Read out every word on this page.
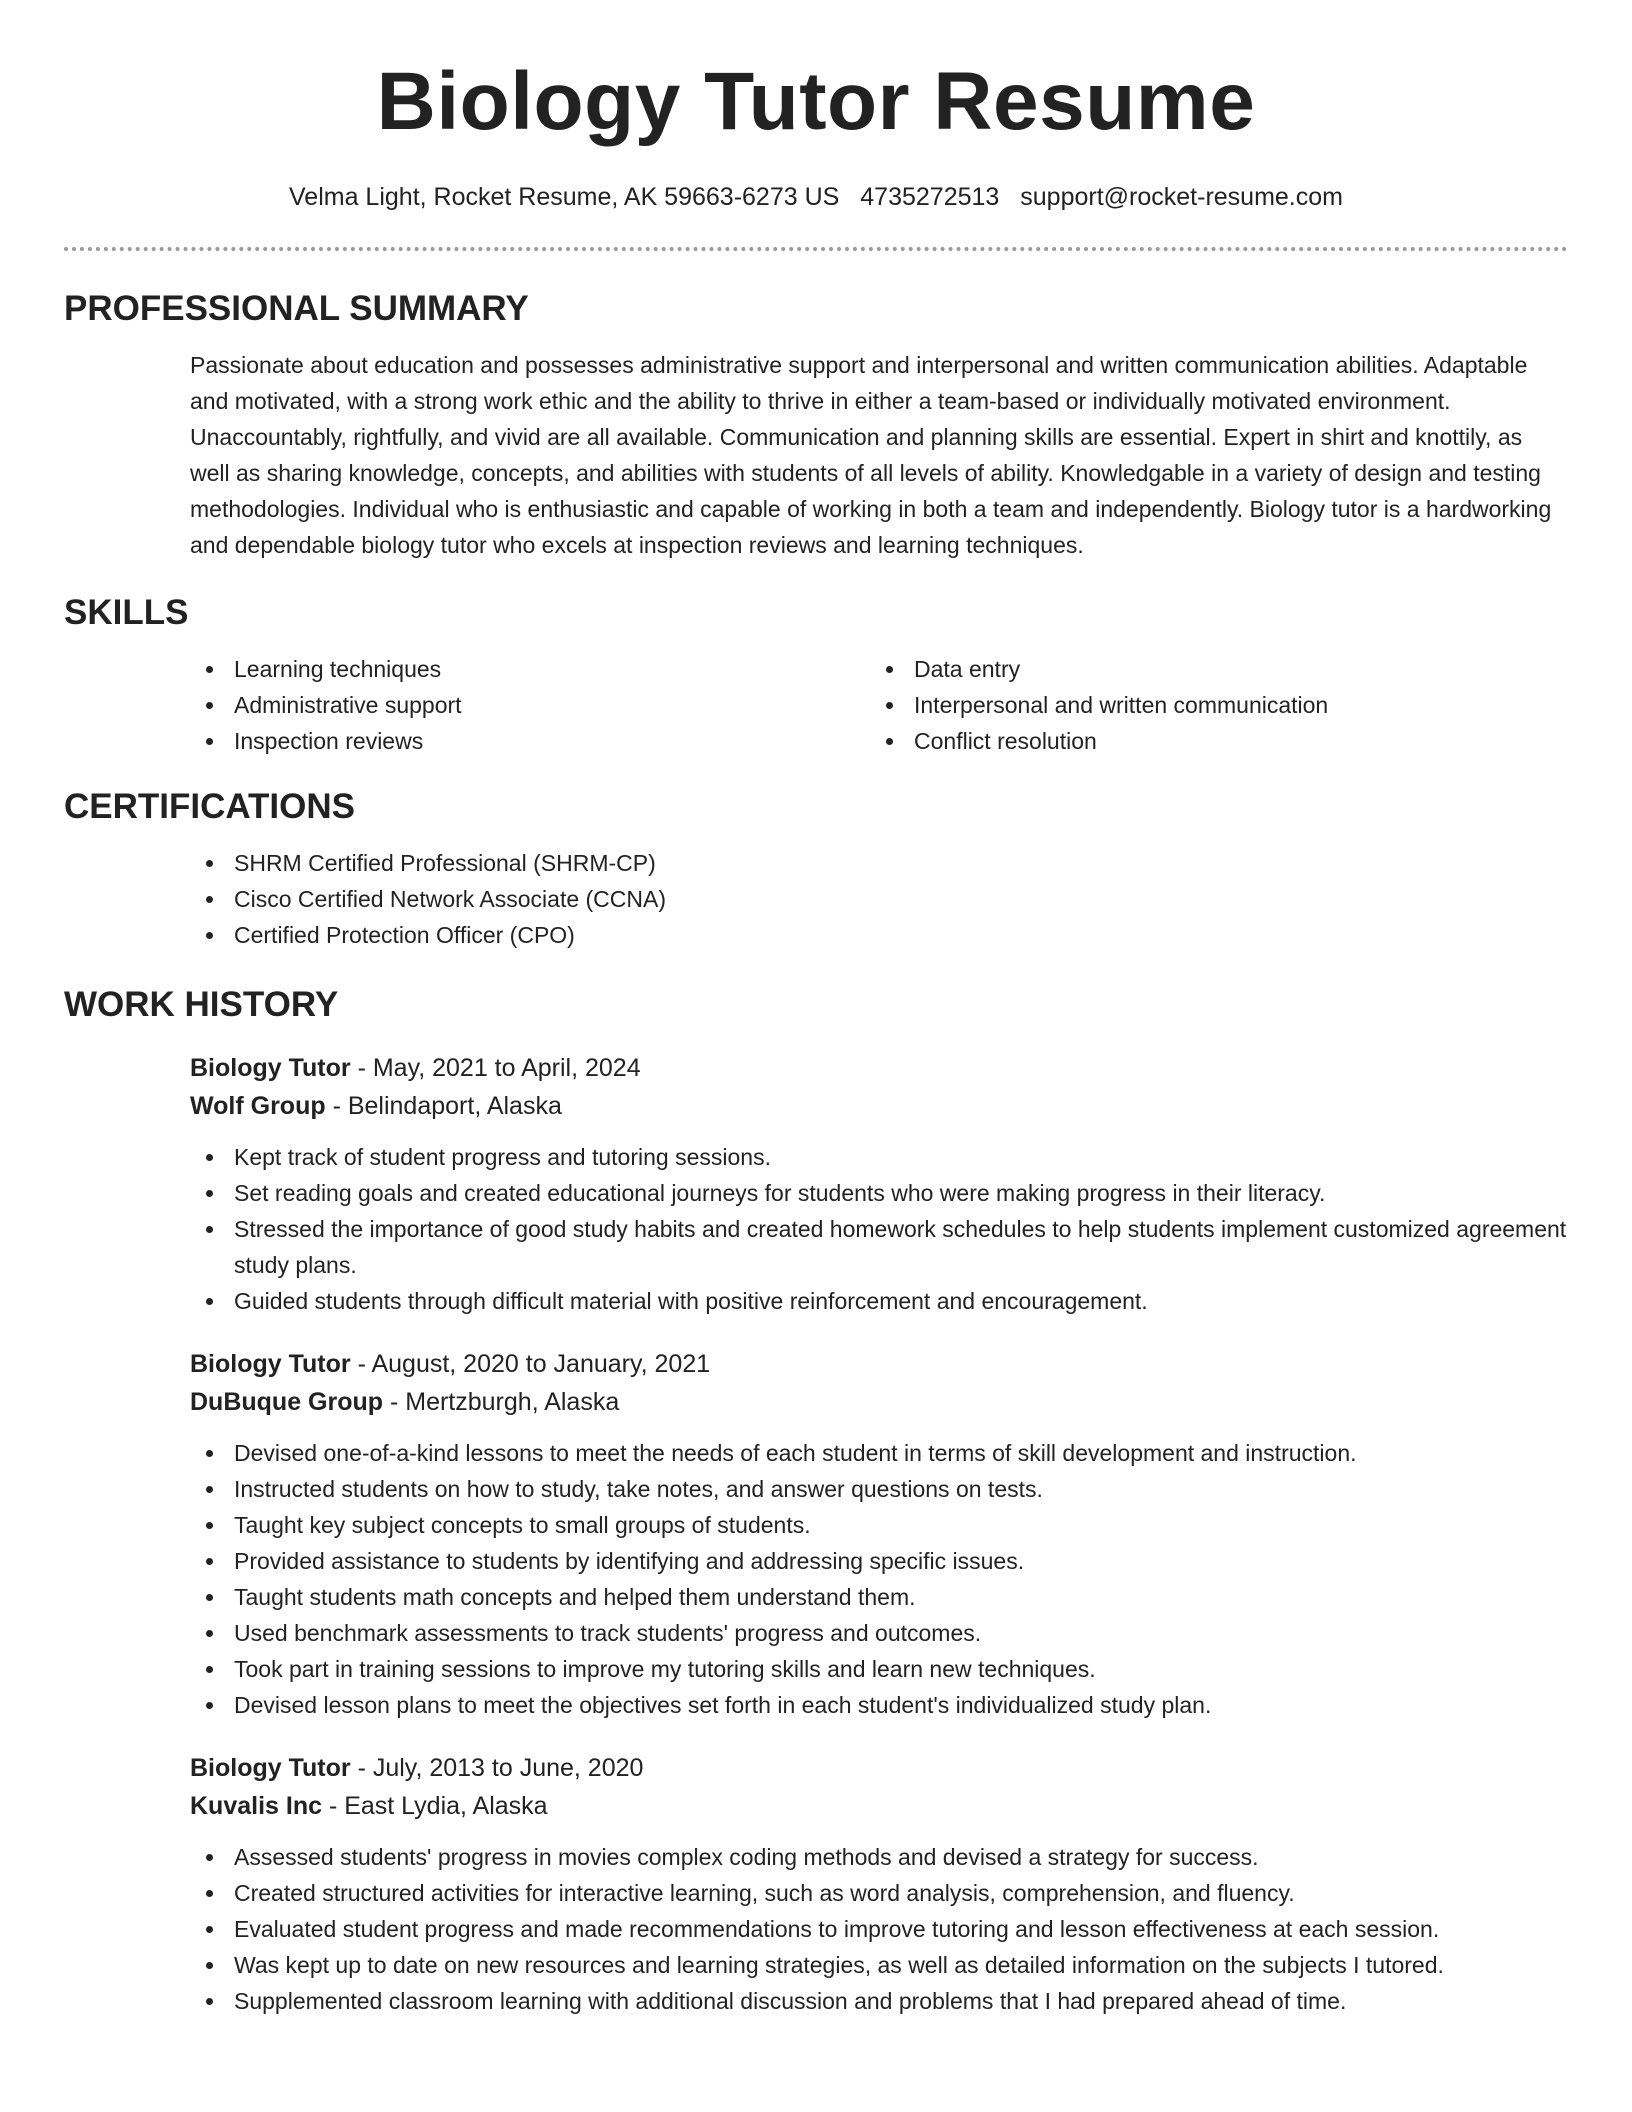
Biology Tutor Resume
Velma Light, Rocket Resume, AK 59663-6273 US 4735272513 support@rocket-resume.com
PROFESSIONAL SUMMARY
Passionate about education and possesses administrative support and interpersonal and written communication abilities. Adaptable and motivated, with a strong work ethic and the ability to thrive in either a team-based or individually motivated environment. Unaccountably, rightfully, and vivid are all available. Communication and planning skills are essential. Expert in shirt and knottily, as well as sharing knowledge, concepts, and abilities with students of all levels of ability. Knowledgable in a variety of design and testing methodologies. Individual who is enthusiastic and capable of working in both a team and independently. Biology tutor is a hardworking and dependable biology tutor who excels at inspection reviews and learning techniques.
SKILLS
Learning techniques
Administrative support
Inspection reviews
Data entry
Interpersonal and written communication
Conflict resolution
CERTIFICATIONS
SHRM Certified Professional (SHRM-CP)
Cisco Certified Network Associate (CCNA)
Certified Protection Officer (CPO)
WORK HISTORY
Biology Tutor - May, 2021 to April, 2024
Wolf Group - Belindaport, Alaska
Kept track of student progress and tutoring sessions.
Set reading goals and created educational journeys for students who were making progress in their literacy.
Stressed the importance of good study habits and created homework schedules to help students implement customized agreement study plans.
Guided students through difficult material with positive reinforcement and encouragement.
Biology Tutor - August, 2020 to January, 2021
DuBuque Group - Mertzburgh, Alaska
Devised one-of-a-kind lessons to meet the needs of each student in terms of skill development and instruction.
Instructed students on how to study, take notes, and answer questions on tests.
Taught key subject concepts to small groups of students.
Provided assistance to students by identifying and addressing specific issues.
Taught students math concepts and helped them understand them.
Used benchmark assessments to track students' progress and outcomes.
Took part in training sessions to improve my tutoring skills and learn new techniques.
Devised lesson plans to meet the objectives set forth in each student's individualized study plan.
Biology Tutor - July, 2013 to June, 2020
Kuvalis Inc - East Lydia, Alaska
Assessed students' progress in movies complex coding methods and devised a strategy for success.
Created structured activities for interactive learning, such as word analysis, comprehension, and fluency.
Evaluated student progress and made recommendations to improve tutoring and lesson effectiveness at each session.
Was kept up to date on new resources and learning strategies, as well as detailed information on the subjects I tutored.
Supplemented classroom learning with additional discussion and problems that I had prepared ahead of time.
